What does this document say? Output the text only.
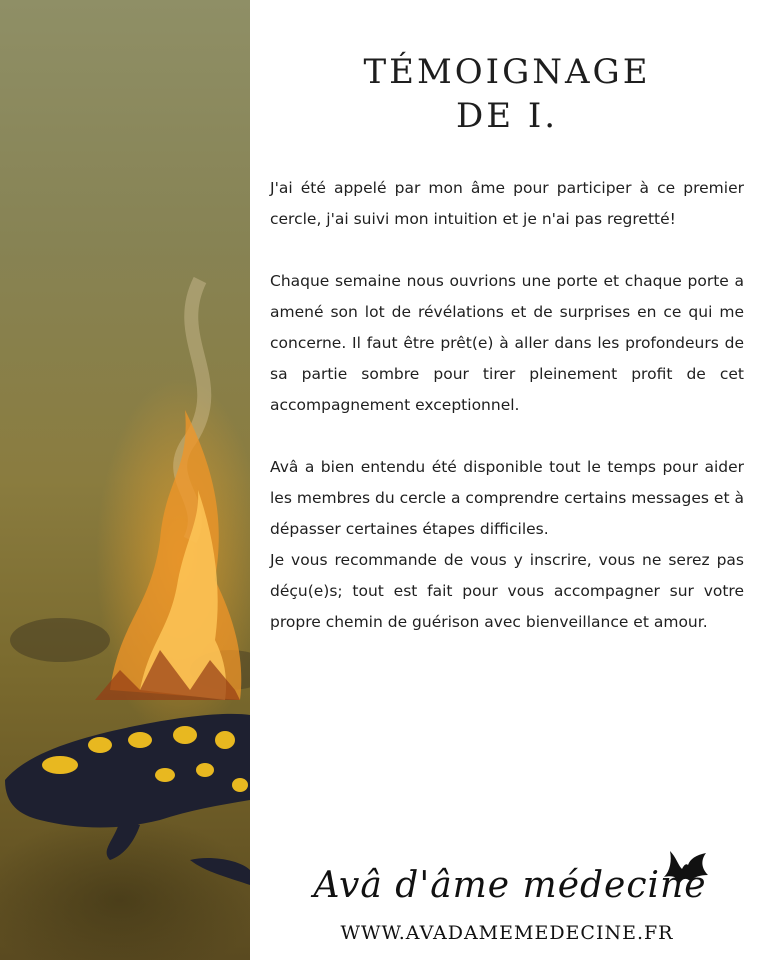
TÉMOIGNAGE
DE I.

J'ai été appelé par mon âme pour participer à ce premier cercle, j'ai suivi mon intuition et je n'ai pas regretté!

Chaque semaine nous ouvrions une porte et chaque porte a amené son lot de révélations et de surprises en ce qui me concerne. Il faut être prêt(e) à aller dans les profondeurs de sa partie sombre pour tirer pleinement profit de cet accompagnement exceptionnel.

Avâ a bien entendu été disponible tout le temps pour aider les membres du cercle a comprendre certains messages et à dépasser certaines étapes difficiles.

Je vous recommande de vous y inscrire, vous ne serez pas déçu(e)s; tout est fait pour vous accompagner sur votre propre chemin de guérison avec bienveillance et amour.

Avâ d'âme médecine
WWW.AVADAMEMEDECINE.FR
